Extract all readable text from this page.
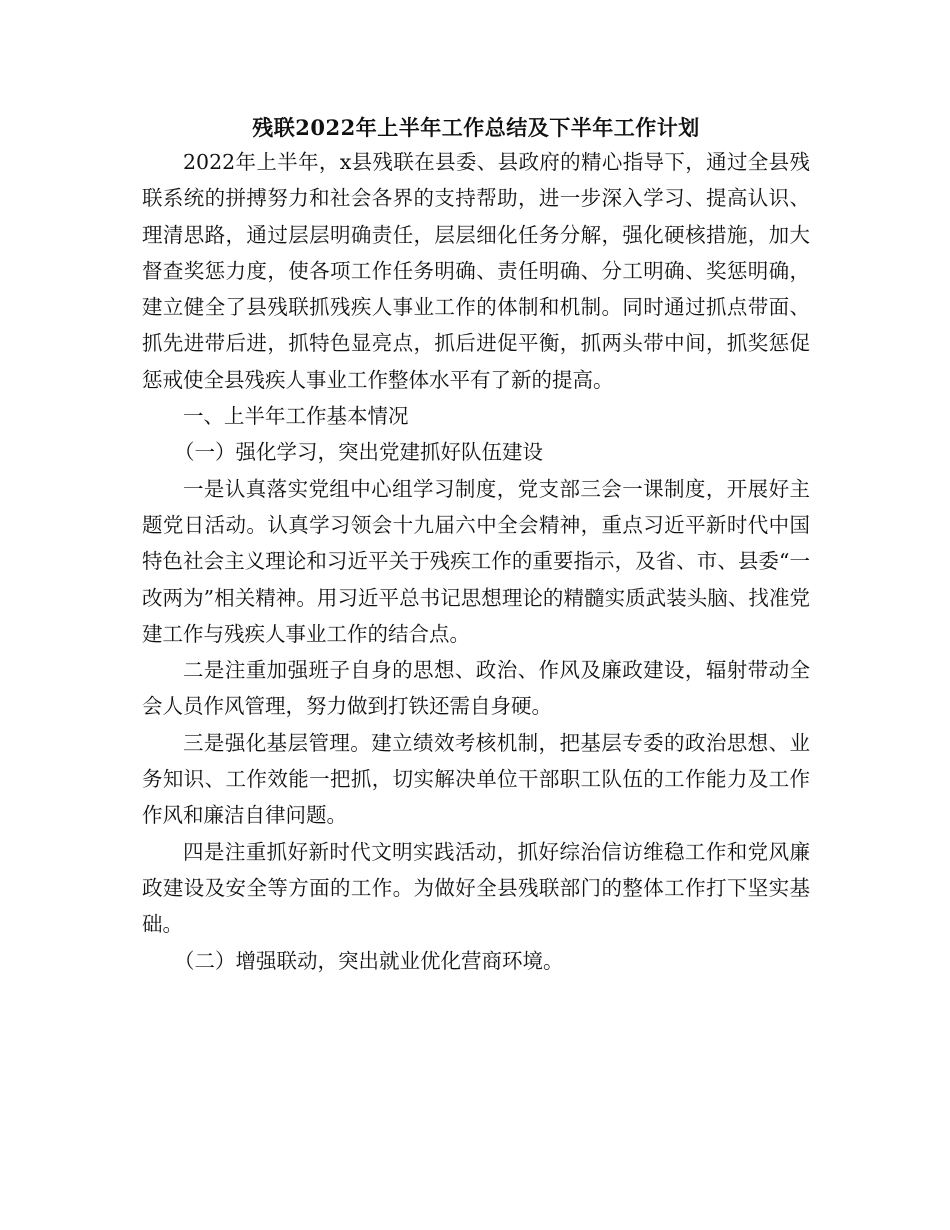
残联2022年上半年工作总结及下半年工作计划

2022年上半年，x县残联在县委、县政府的精心指导下，通过全县残联系统的拼搏努力和社会各界的支持帮助，进一步深入学习、提高认识、理清思路，通过层层明确责任，层层细化任务分解，强化硬核措施，加大督查奖惩力度，使各项工作任务明确、责任明确、分工明确、奖惩明确，建立健全了县残联抓残疾人事业工作的体制和机制。同时通过抓点带面、抓先进带后进，抓特色显亮点，抓后进促平衡，抓两头带中间，抓奖惩促惩戒使全县残疾人事业工作整体水平有了新的提高。

一、上半年工作基本情况

（一）强化学习，突出党建抓好队伍建设

一是认真落实党组中心组学习制度，党支部三会一课制度，开展好主题党日活动。认真学习领会十九届六中全会精神，重点习近平新时代中国特色社会主义理论和习近平关于残疾工作的重要指示，及省、市、县委“一改两为”相关精神。用习近平总书记思想理论的精髓实质武装头脑、找准党建工作与残疾人事业工作的结合点。

二是注重加强班子自身的思想、政治、作风及廉政建设，辐射带动全会人员作风管理，努力做到打铁还需自身硬。

三是强化基层管理。建立绩效考核机制，把基层专委的政治思想、业务知识、工作效能一把抓，切实解决单位干部职工队伍的工作能力及工作作风和廉洁自律问题。

四是注重抓好新时代文明实践活动，抓好综治信访维稳工作和党风廉政建设及安全等方面的工作。为做好全县残联部门的整体工作打下坚实基础。

（二）增强联动，突出就业优化营商环境。
